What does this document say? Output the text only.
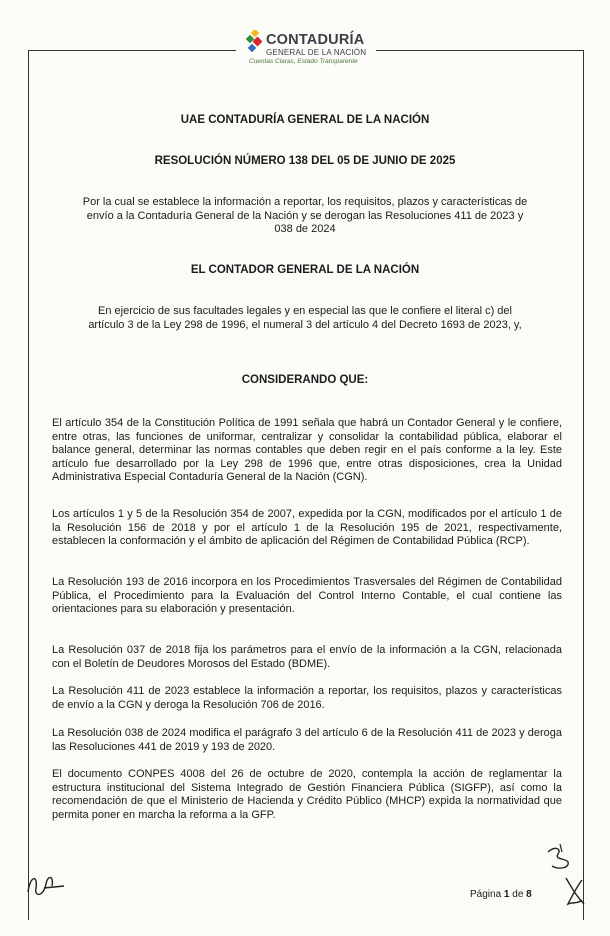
CONTADURÍA
GENERAL DE LA NACIÓN
Cuentas Claras, Estado Transparente
UAE CONTADURÍA GENERAL DE LA NACIÓN
RESOLUCIÓN NÚMERO 138 DEL 05 DE JUNIO DE 2025
Por la cual se establece la información a reportar, los requisitos, plazos y características de envío a la Contaduría General de la Nación y se derogan las Resoluciones 411 de 2023 y 038 de 2024
EL CONTADOR GENERAL DE LA NACIÓN
En ejercicio de sus facultades legales y en especial las que le confiere el literal c) del artículo 3 de la Ley 298 de 1996, el numeral 3 del artículo 4 del Decreto 1693 de 2023, y,
CONSIDERANDO QUE:
El artículo 354 de la Constitución Política de 1991 señala que habrá un Contador General y le confiere, entre otras, las funciones de uniformar, centralizar y consolidar la contabilidad pública, elaborar el balance general, determinar las normas contables que deben regir en el país conforme a la ley. Este artículo fue desarrollado por la Ley 298 de 1996 que, entre otras disposiciones, crea la Unidad Administrativa Especial Contaduría General de la Nación (CGN).
Los artículos 1 y 5 de la Resolución 354 de 2007, expedida por la CGN, modificados por el artículo 1 de la Resolución 156 de 2018 y por el artículo 1 de la Resolución 195 de 2021, respectivamente, establecen la conformación y el ámbito de aplicación del Régimen de Contabilidad Pública (RCP).
La Resolución 193 de 2016 incorpora en los Procedimientos Trasversales del Régimen de Contabilidad Pública, el Procedimiento para la Evaluación del Control Interno Contable, el cual contiene las orientaciones para su elaboración y presentación.
La Resolución 037 de 2018 fija los parámetros para el envío de la información a la CGN, relacionada con el Boletín de Deudores Morosos del Estado (BDME).
La Resolución 411 de 2023 establece la información a reportar, los requisitos, plazos y características de envío a la CGN y deroga la Resolución 706 de 2016.
La Resolución 038 de 2024 modifica el parágrafo 3 del artículo 6 de la Resolución 411 de 2023 y deroga las Resoluciones 441 de 2019 y 193 de 2020.
El documento CONPES 4008 del 26 de octubre de 2020, contempla la acción de reglamentar la estructura institucional del Sistema Integrado de Gestión Financiera Pública (SIGFP), así como la recomendación de que el Ministerio de Hacienda y Crédito Público (MHCP) expida la normatividad que permita poner en marcha la reforma a la GFP.
Página 1 de 8
